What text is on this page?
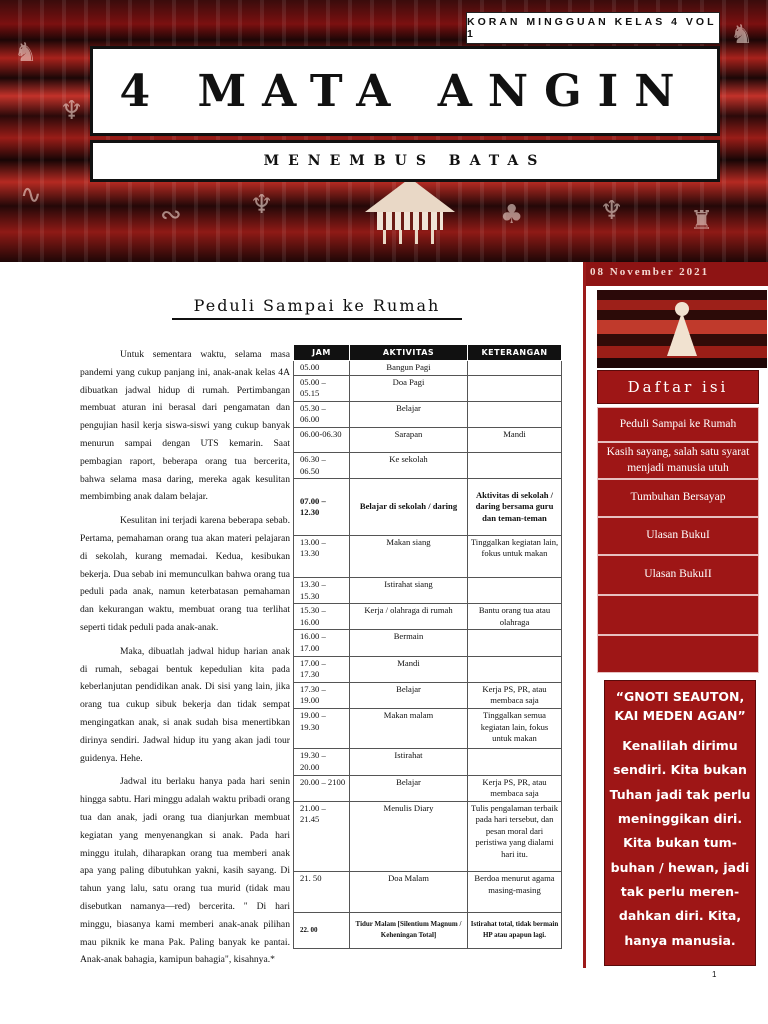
♞
♆
∿
∾	♆	♣	♆	♜
♞
KORAN MINGGUAN KELAS 4 VOL 1
4 MATA ANGIN
MENEMBUS BATAS
08 November 2021
Daftar isi
Peduli Sampai ke Rumah
Kasih sayang, salah satu syarat menjadi manusia utuh
Tumbuhan Bersayap
Ulasan BukuI
Ulasan BukuII
“GNOTI SEAUTON, KAI MEDEN AGAN”
Kenalilah dirimu sendiri. Kita bukan Tuhan jadi tak perlu meninggikan diri. Kita bukan tum-buhan / hewan, jadi tak perlu meren-dahkan diri. Kita, hanya manusia.
Peduli Sampai ke Rumah

Untuk sementara waktu, selama masa pandemi yang cukup panjang ini, anak-anak kelas 4A dibuatkan jadwal hidup di rumah. Pertimbangan membuat aturan ini berasal dari pengamatan dan pengujian hasil kerja siswa-siswi yang cukup banyak menurun sampai dengan UTS kemarin. Saat pembagian raport, beberapa orang tua bercerita, bahwa selama masa daring, mereka agak kesulitan membimbing anak dalam belajar.

Kesulitan ini terjadi karena beberapa sebab. Pertama, pemahaman orang tua akan materi pelajaran di sekolah, kurang memadai. Kedua, kesibukan bekerja. Dua sebab ini memunculkan bahwa orang tua peduli pada anak, namun keterbatasan pemahaman dan kekurangan waktu, membuat orang tua terlihat seperti tidak peduli pada anak-anak.

Maka, dibuatlah jadwal hidup harian anak di rumah, sebagai bentuk kepedulian kita pada keberlanjutan pendidikan anak. Di sisi yang lain, jika orang tua cukup sibuk bekerja dan tidak sempat mengingatkan anak, si anak sudah bisa menertibkan dirinya sendiri. Jadwal hidup itu yang akan jadi tour guidenya. Hehe.

Jadwal itu berlaku hanya pada hari senin hingga sabtu. Hari minggu adalah waktu pribadi orang tua dan anak, jadi orang tua dianjurkan membuat kegiatan yang menyenangkan si anak. Pada hari minggu itulah, diharapkan orang tua memberi anak apa yang paling dibutuhkan yakni, kasih sayang. Di tahun yang lalu, satu orang tua murid (tidak mau disebutkan namanya—red) bercerita. " Di hari minggu, biasanya kami memberi anak-anak pilihan mau piknik ke mana Pak. Paling banyak ke pantai. Anak-anak bahagia, kamipun bahagia", kisahnya.*

JAM	AKTIVITAS	KETERANGAN
05.00	Bangun Pagi	
05.00 – 05.15	Doa Pagi	
05.30 – 06.00	Belajar	
06.00-06.30	Sarapan	Mandi
06.30 – 06.50	Ke sekolah	
07.00 – 12.30	Belajar di sekolah / daring	Aktivitas di sekolah / daring bersama guru dan teman-teman
13.00 – 13.30	Makan siang	Tinggalkan kegiatan lain, fokus untuk makan
13.30 – 15.30	Istirahat siang	
15.30 – 16.00	Kerja / olahraga di rumah	Bantu orang tua atau olahraga
16.00 – 17.00	Bermain	
17.00 – 17.30	Mandi	
17.30 – 19.00	Belajar	Kerja PS, PR, atau membaca saja
19.00 – 19.30	Makan malam	Tinggalkan semua kegiatan lain, fokus untuk makan
19.30 – 20.00	Istirahat	
20.00 – 2100	Belajar	Kerja PS, PR, atau membaca saja
21.00 – 21.45	Menulis Diary	Tulis pengalaman terbaik pada hari tersebut, dan pesan moral dari peristiwa yang dialami hari itu.
21. 50	Doa Malam	Berdoa menurut agama masing-masing
22. 00	Tidur Malam [Silentium Magnum / Keheningan Total]	Istirahat total, tidak bermain HP atau apapun lagi.
1
